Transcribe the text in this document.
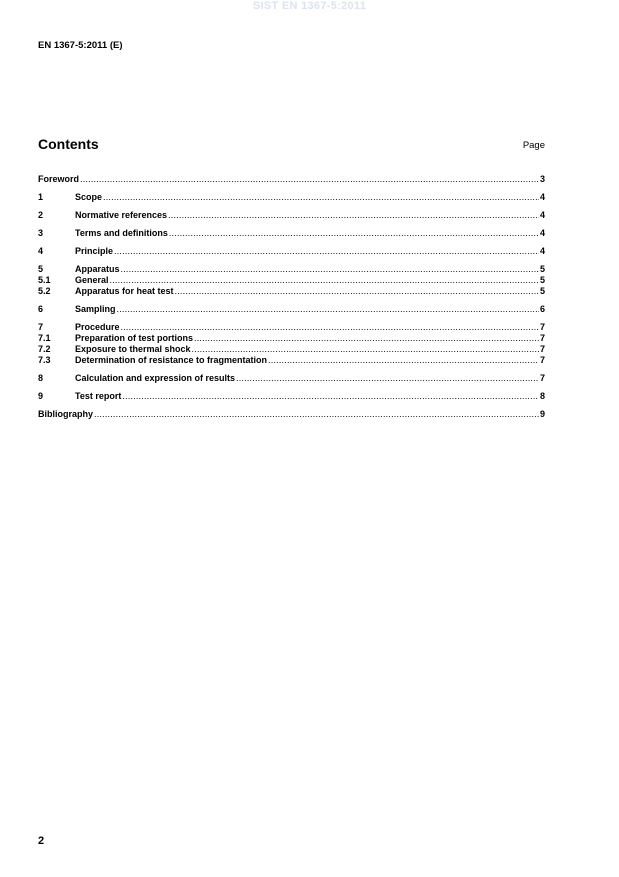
SIST EN 1367-5:2011
EN 1367-5:2011 (E)
Contents	Page
Foreword .....	3
1	Scope .....	4
2	Normative references .....	4
3	Terms and definitions .....	4
4	Principle .....	4
5	Apparatus .....	5
5.1	General .....	5
5.2	Apparatus for heat test .....	5
6	Sampling .....	6
7	Procedure .....	7
7.1	Preparation of test portions .....	7
7.2	Exposure to thermal shock .....	7
7.3	Determination of resistance to fragmentation .....	7
8	Calculation and expression of results .....	7
9	Test report .....	8
Bibliography .....	9
2
